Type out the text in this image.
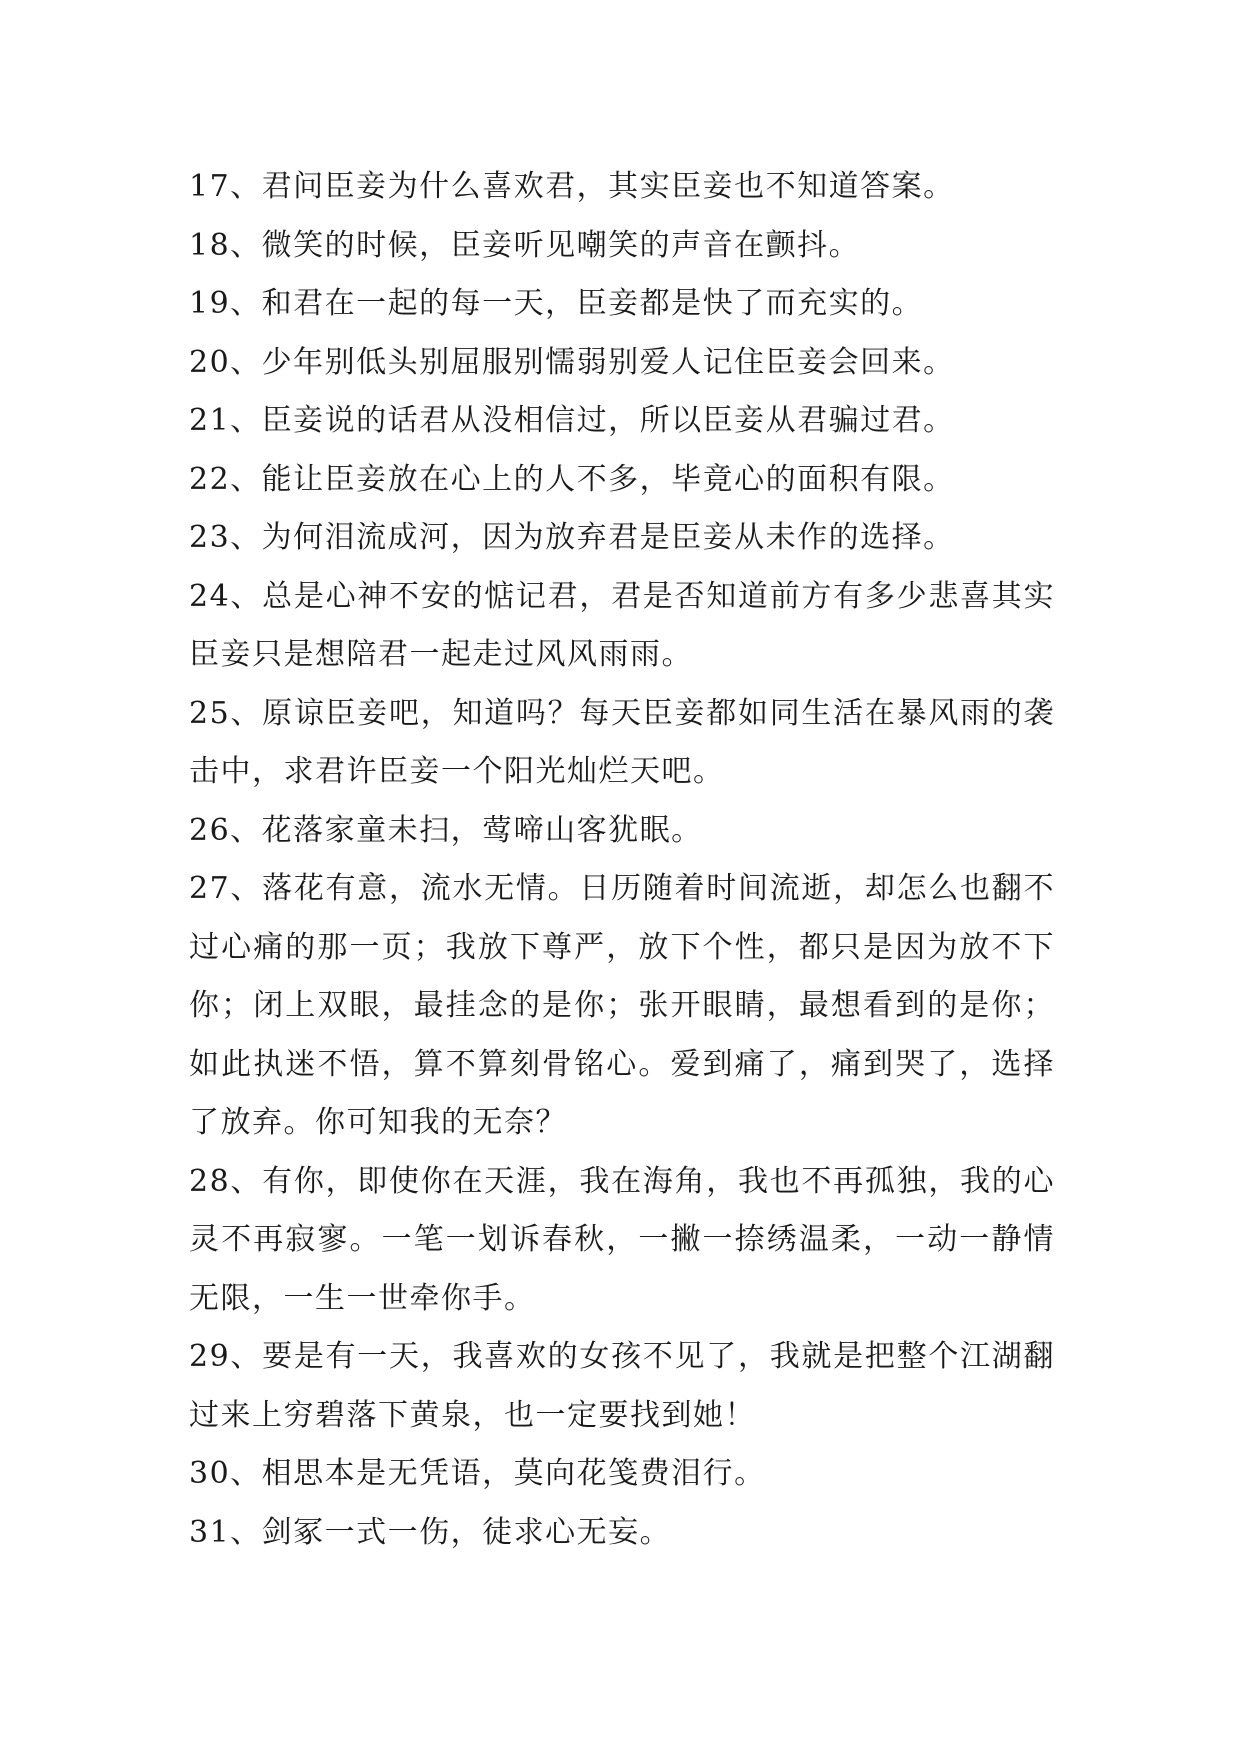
17、君问臣妾为什么喜欢君，其实臣妾也不知道答案。

18、微笑的时候，臣妾听见嘲笑的声音在颤抖。

19、和君在一起的每一天，臣妾都是快了而充实的。

20、少年别低头别屈服别懦弱别爱人记住臣妾会回来。

21、臣妾说的话君从没相信过，所以臣妾从君骗过君。

22、能让臣妾放在心上的人不多，毕竟心的面积有限。

23、为何泪流成河，因为放弃君是臣妾从未作的选择。

24、总是心神不安的惦记君，君是否知道前方有多少悲喜其实臣妾只是想陪君一起走过风风雨雨。

25、原谅臣妾吧，知道吗？每天臣妾都如同生活在暴风雨的袭击中，求君许臣妾一个阳光灿烂天吧。

26、花落家童未扫，莺啼山客犹眠。

27、落花有意，流水无情。日历随着时间流逝，却怎么也翻不过心痛的那一页；我放下尊严，放下个性，都只是因为放不下你；闭上双眼，最挂念的是你；张开眼睛，最想看到的是你；如此执迷不悟，算不算刻骨铭心。爱到痛了，痛到哭了，选择了放弃。你可知我的无奈？

28、有你，即使你在天涯，我在海角，我也不再孤独，我的心灵不再寂寥。一笔一划诉春秋，一撇一捺绣温柔，一动一静情无限，一生一世牵你手。

29、要是有一天，我喜欢的女孩不见了，我就是把整个江湖翻过来上穷碧落下黄泉，也一定要找到她！

30、相思本是无凭语，莫向花笺费泪行。

31、剑冢一式一伤，徒求心无妄。
